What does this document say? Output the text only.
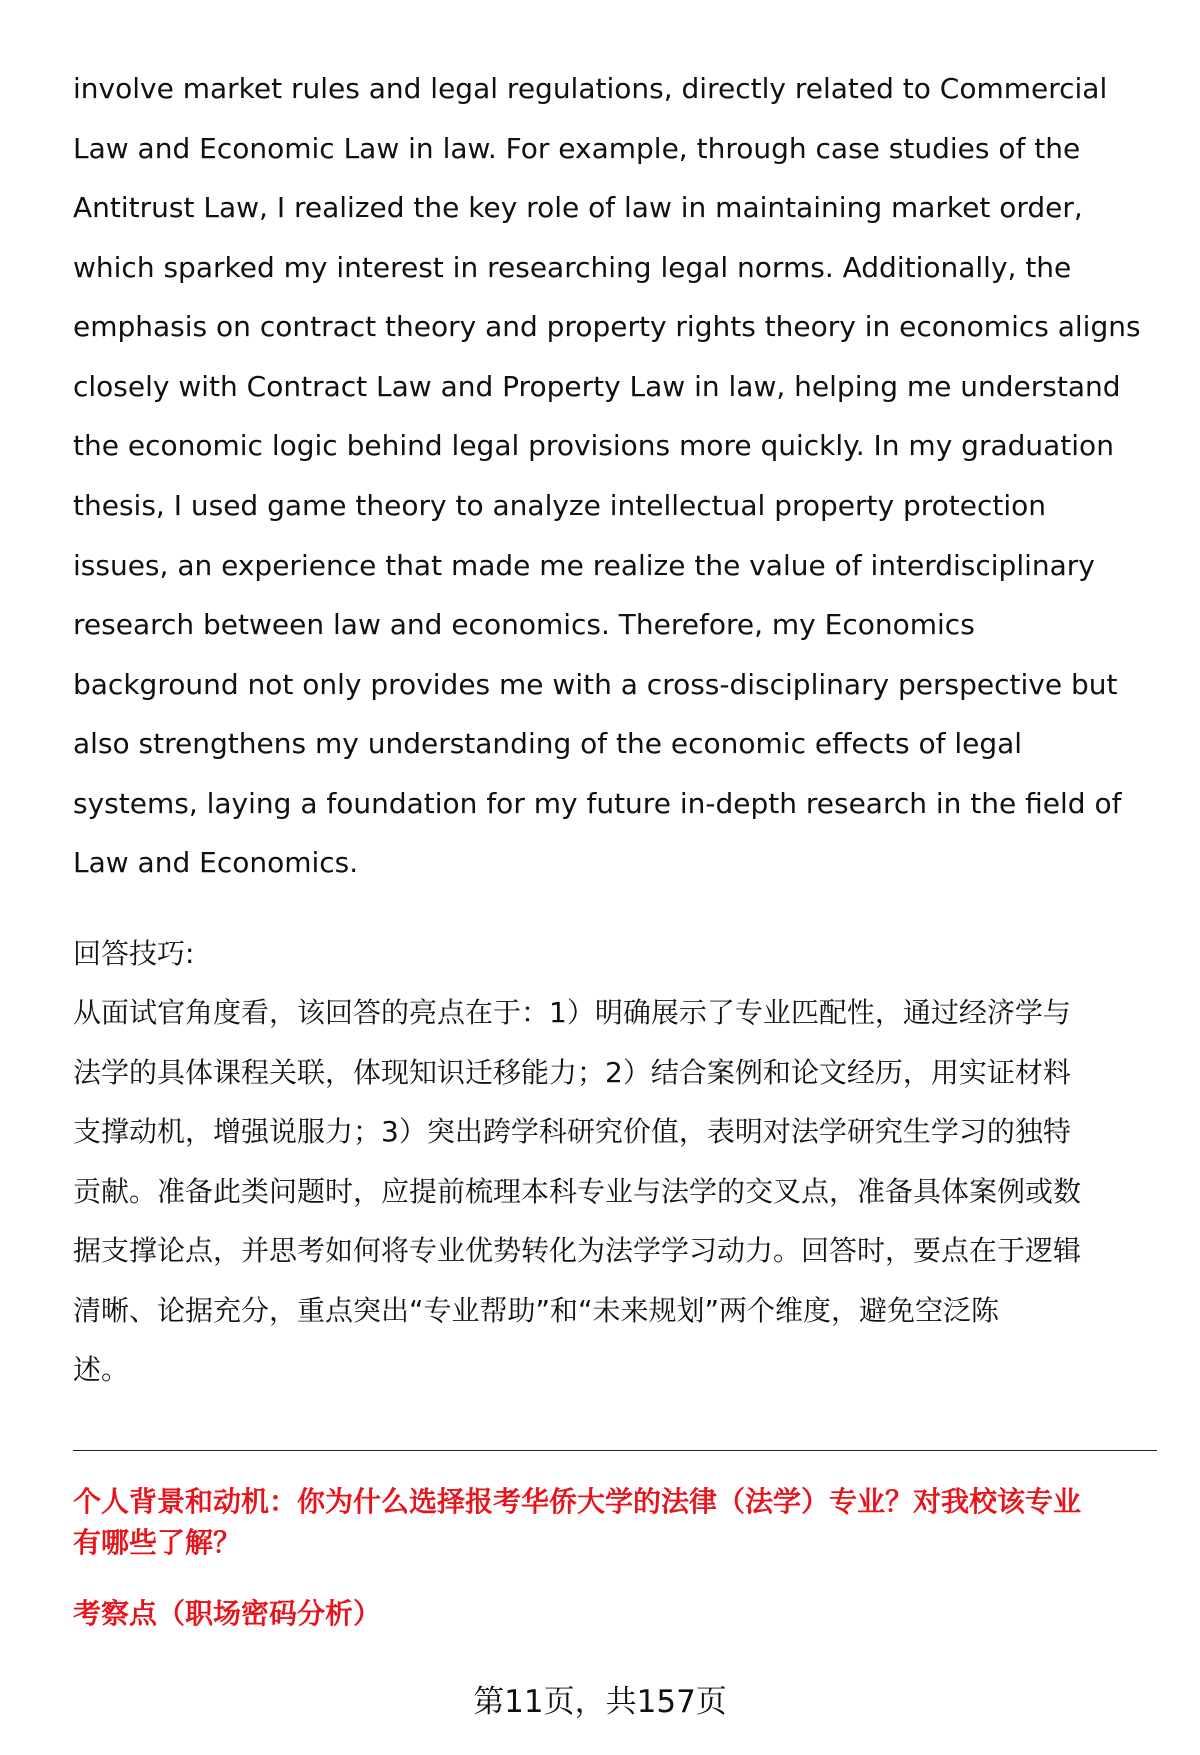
involve market rules and legal regulations, directly related to Commercial
Law and Economic Law in law. For example, through case studies of the
Antitrust Law, I realized the key role of law in maintaining market order,
which sparked my interest in researching legal norms. Additionally, the
emphasis on contract theory and property rights theory in economics aligns
closely with Contract Law and Property Law in law, helping me understand
the economic logic behind legal provisions more quickly. In my graduation
thesis, I used game theory to analyze intellectual property protection
issues, an experience that made me realize the value of interdisciplinary
research between law and economics. Therefore, my Economics
background not only provides me with a cross-disciplinary perspective but
also strengthens my understanding of the economic effects of legal
systems, laying a foundation for my future in-depth research in the field of
Law and Economics.
回答技巧:
从面试官角度看，该回答的亮点在于：1）明确展示了专业匹配性，通过经济学与
法学的具体课程关联，体现知识迁移能力；2）结合案例和论文经历，用实证材料
支撑动机，增强说服力；3）突出跨学科研究价值，表明对法学研究生学习的独特
贡献。准备此类问题时，应提前梳理本科专业与法学的交叉点，准备具体案例或数
据支撑论点，并思考如何将专业优势转化为法学学习动力。回答时，要点在于逻辑
清晰、论据充分，重点突出“专业帮助”和“未来规划”两个维度，避免空泛陈
述。
个人背景和动机：你为什么选择报考华侨大学的法律（法学）专业？对我校该专业
有哪些了解？
考察点（职场密码分析）
第11页，共157页
